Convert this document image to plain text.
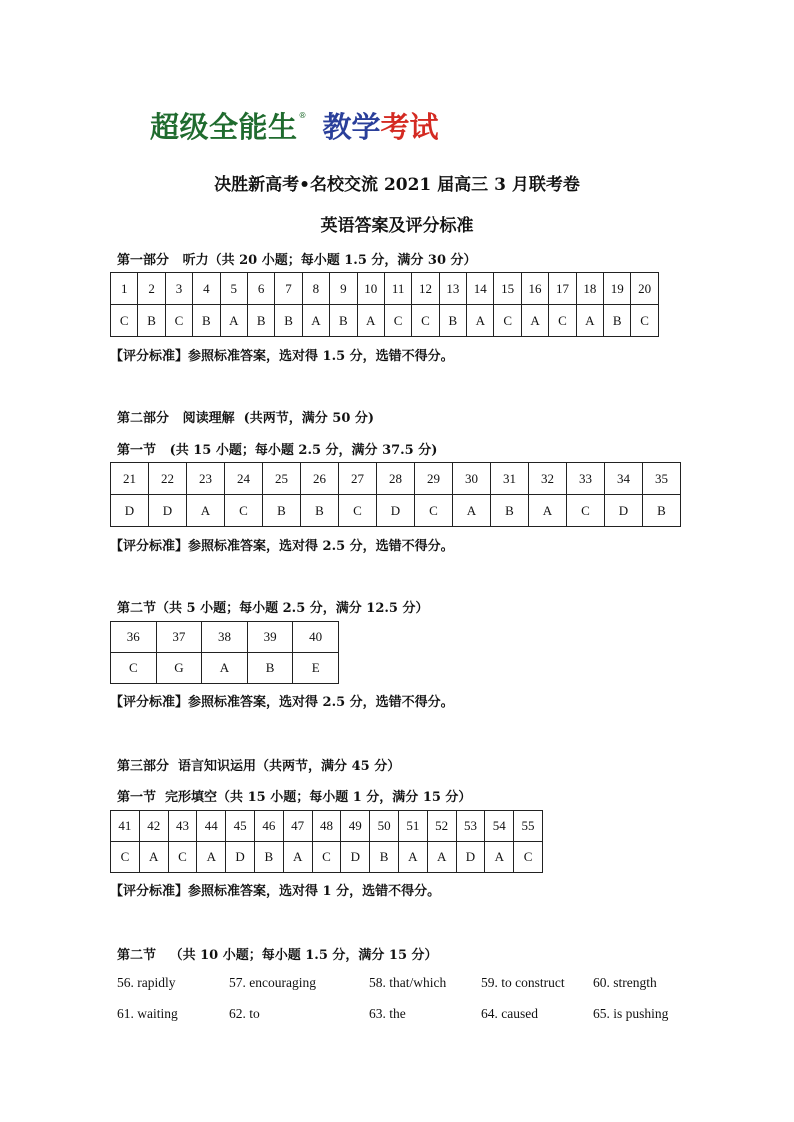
超级全能生 ® 教学考试
决胜新高考•名校交流 2021 届高三 3 月联考卷
英语答案及评分标准
第一部分   听力（共 20 小题；每小题 1.5 分，满分 30 分）
1	2	3	4	5	6	7	8	9	10	11	12	13	14	15	16	17	18	19	20
C	B	C	B	A	B	B	A	B	A	C	C	B	A	C	A	C	A	B	C
【评分标准】参照标准答案，选对得 1.5 分，选错不得分。
第二部分   阅读理解  (共两节，满分 50 分)
第一节   (共 15 小题；每小题 2.5 分，满分 37.5 分)
21	22	23	24	25	26	27	28	29	30	31	32	33	34	35
D	D	A	C	B	B	C	D	C	A	B	A	C	D	B
【评分标准】参照标准答案，选对得 2.5 分，选错不得分。
第二节（共 5 小题；每小题 2.5 分，满分 12.5 分）
36	37	38	39	40
C	G	A	B	E
【评分标准】参照标准答案，选对得 2.5 分，选错不得分。
第三部分  语言知识运用（共两节，满分 45 分）
第一节  完形填空（共 15 小题；每小题 1 分，满分 15 分）
41	42	43	44	45	46	47	48	49	50	51	52	53	54	55
C	A	C	A	D	B	A	C	D	B	A	A	D	A	C
【评分标准】参照标准答案，选对得 1 分，选错不得分。
第二节   （共 10 小题；每小题 1.5 分，满分 15 分）
56. rapidly	57. encouraging	58. that/which	59. to construct 60. strength
61. waiting	62. to	63. the	64. caused	65. is pushing
